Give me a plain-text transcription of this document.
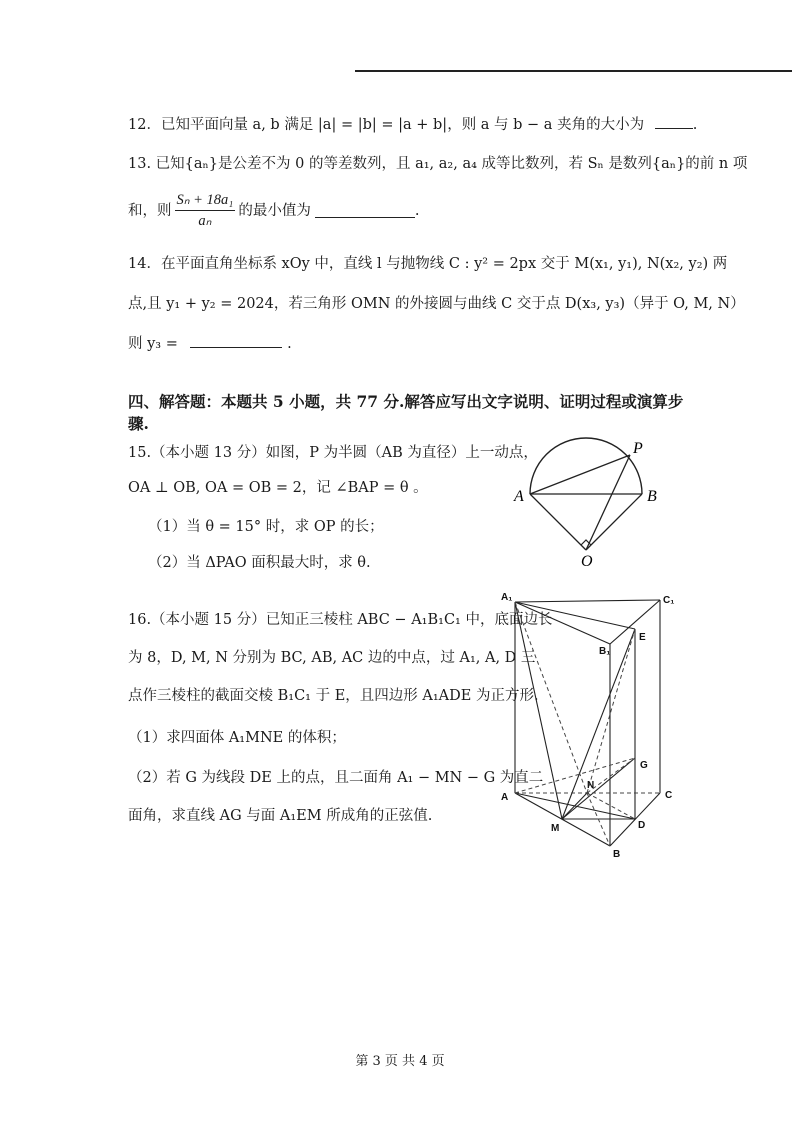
12．已知平面向量 a, b 满足 |a| = |b| = |a + b|，则 a 与 b − a 夹角的大小为	.
13. 已知{aₙ}是公差不为 0 的等差数列，且 a₁, a₂, a₄ 成等比数列，若 Sₙ 是数列{aₙ}的前 n 项
和，则 $\frac{\text{Sₙ + 18a₁}}{\text{aₙ}}$ 的最小值为	.
14．在平面直角坐标系 xOy 中，直线 l 与抛物线 C : y² = 2px 交于 M(x₁, y₁), N(x₂, y₂) 两
点,且 y₁ + y₂ = 2024，若三角形 OMN 的外接圆与曲线 C 交于点 D(x₃, y₃)（异于 O, M, N）
则 y₃ =	.
四、解答题：本题共 5 小题，共 77 分.解答应写出文字说明、证明过程或演算步
骤.
15.（本小题 13 分）如图，P 为半圆（AB 为直径）上一动点，
OA ⊥ OB, OA = OB = 2，记 ∠BAP = θ 。
（1）当 θ = 15° 时，求 OP 的长；
（2）当 ΔPAO 面积最大时，求 θ.
P
A	B
O
16.（本小题 15 分）已知正三棱柱 ABC − A₁B₁C₁ 中，底面边长
为 8，D, M, N 分别为 BC, AB, AC 边的中点，过 A₁, A, D 三
点作三棱柱的截面交棱 B₁C₁ 于 E，且四边形 A₁ADE 为正方形.
（1）求四面体 A₁MNE 的体积；
（2）若 G 为线段 DE 上的点，且二面角 A₁ − MN − G 为直二
面角，求直线 AG 与面 A₁EM 所成角的正弦值.
A₁	C₁
B₁
E
G
N
A	C
M	D
B
第 3 页 共 4 页
